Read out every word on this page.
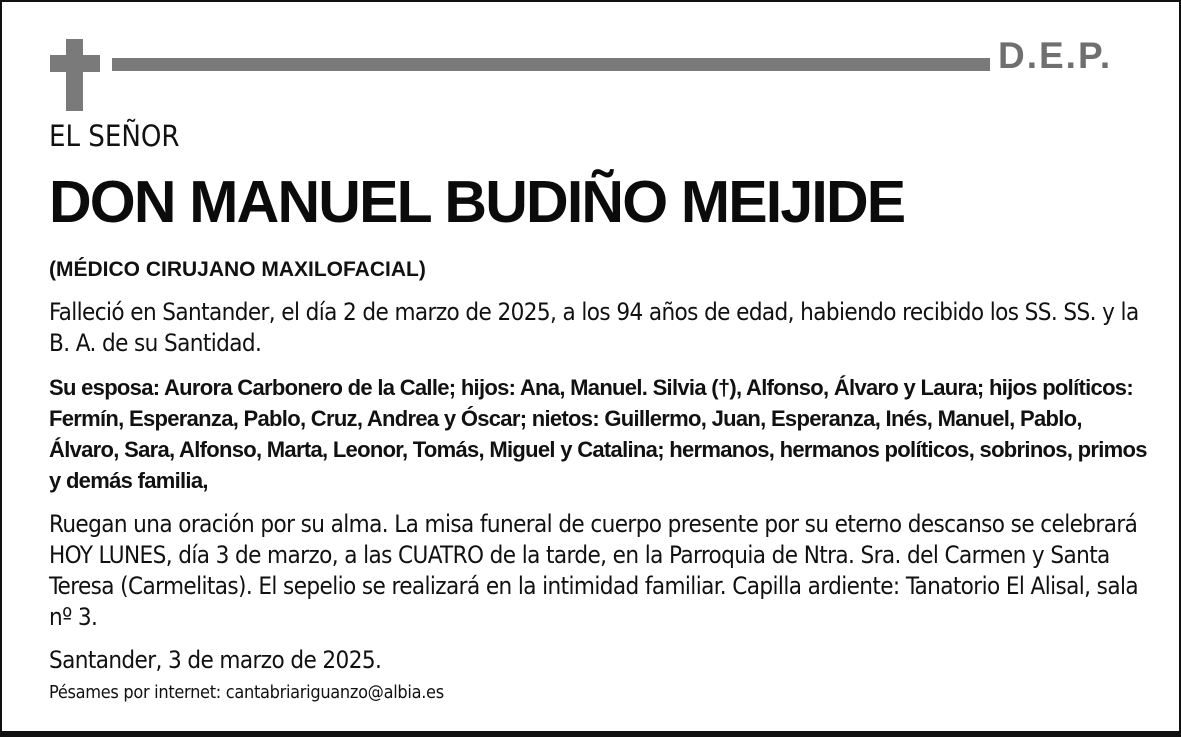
D.E.P.

EL SEÑOR

DON MANUEL BUDIÑO MEIJIDE

(MÉDICO CIRUJANO MAXILOFACIAL)

Falleció en Santander, el día 2 de marzo de 2025, a los 94 años de edad, habiendo recibido los SS. SS. y la B. A. de su Santidad.

Su esposa: Aurora Carbonero de la Calle; hijos: Ana, Manuel. Silvia (†), Alfonso, Álvaro y Laura; hijos políticos: Fermín, Esperanza, Pablo, Cruz, Andrea y Óscar; nietos: Guillermo, Juan, Esperanza, Inés, Manuel, Pablo, Álvaro, Sara, Alfonso, Marta, Leonor, Tomás, Miguel y Catalina; hermanos, hermanos políticos, sobrinos, primos y demás familia,

Ruegan una oración por su alma. La misa funeral de cuerpo presente por su eterno descanso se celebrará HOY LUNES, día 3 de marzo, a las CUATRO de la tarde, en la Parroquia de Ntra. Sra. del Carmen y Santa Teresa (Carmelitas). El sepelio se realizará en la intimidad familiar. Capilla ardiente: Tanatorio El Alisal, sala nº 3.

Santander, 3 de marzo de 2025.

Pésames por internet: cantabriariguanzo@albia.es
